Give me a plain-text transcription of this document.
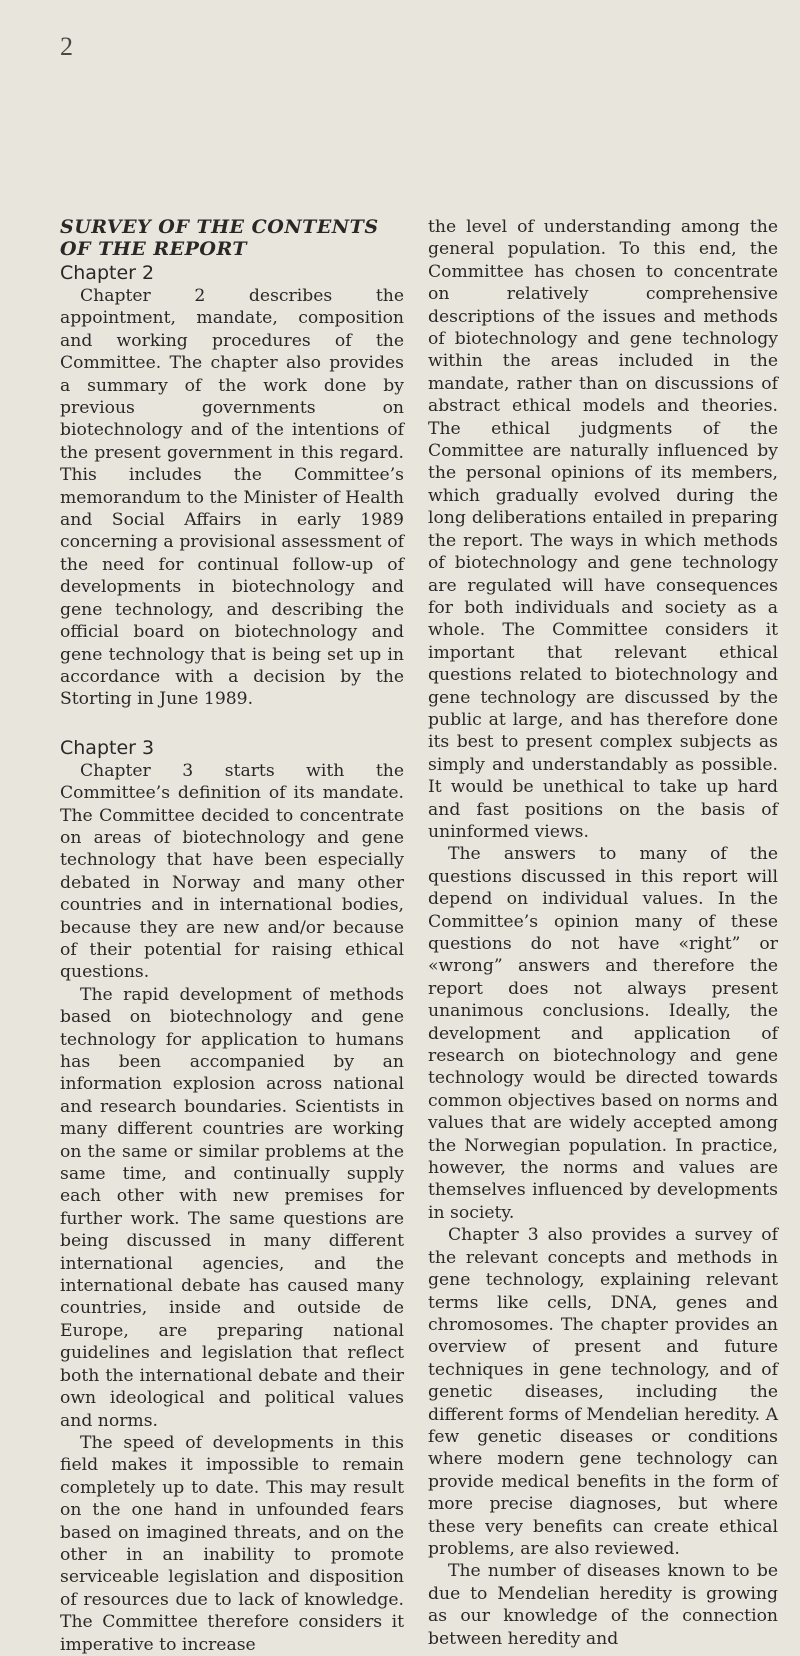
2
SURVEY OF THE CONTENTS OF THE REPORT
Chapter 2

Chapter 2 describes the appointment, mandate, composition and working procedures of the Committee. The chapter also provides a summary of the work done by previous governments on biotechnology and of the intentions of the present government in this regard. This includes the Committee’s memorandum to the Minister of Health and Social Affairs in early 1989 concerning a provisional assessment of the need for continual follow-up of developments in biotechnology and gene technology, and describing the official board on biotechnology and gene technology that is being set up in accordance with a decision by the Storting in June 1989.

Chapter 3

Chapter 3 starts with the Committee’s definition of its mandate. The Committee decided to concentrate on areas of biotechnology and gene technology that have been especially debated in Norway and many other countries and in international bodies, because they are new and/or because of their potential for raising ethical questions.

The rapid development of methods based on biotechnology and gene technology for application to humans has been accompanied by an information explosion across national and research boundaries. Scientists in many different countries are working on the same or similar problems at the same time, and continually supply each other with new premises for further work. The same questions are being discussed in many different international agencies, and the international debate has caused many countries, inside and outside de Europe, are preparing national guidelines and legislation that reflect both the international debate and their own ideological and political values and norms.

The speed of developments in this field makes it impossible to remain completely up to date. This may result on the one hand in unfounded fears based on imagined threats, and on the other in an inability to promote serviceable legislation and disposition of resources due to lack of knowledge. The Committee therefore considers it imperative to increase

the level of understanding among the general population. To this end, the Committee has chosen to concentrate on relatively comprehensive descriptions of the issues and methods of biotechnology and gene technology within the areas included in the mandate, rather than on discussions of abstract ethical models and theories. The ethical judgments of the Committee are naturally influenced by the personal opinions of its members, which gradually evolved during the long deliberations entailed in preparing the report. The ways in which methods of biotechnology and gene technology are regulated will have consequences for both individuals and society as a whole. The Committee considers it important that relevant ethical questions related to biotechnology and gene technology are discussed by the public at large, and has therefore done its best to present complex subjects as simply and understandably as possible. It would be unethical to take up hard and fast positions on the basis of uninformed views.

The answers to many of the questions discussed in this report will depend on individual values. In the Committee’s opinion many of these questions do not have «right” or «wrong” answers and therefore the report does not always present unanimous conclusions. Ideally, the development and application of research on biotechnology and gene technology would be directed towards common objectives based on norms and values that are widely accepted among the Norwegian population. In practice, however, the norms and values are themselves influenced by developments in society.

Chapter 3 also provides a survey of the relevant concepts and methods in gene technology, explaining relevant terms like cells, DNA, genes and chromosomes. The chapter provides an overview of present and future techniques in gene technology, and of genetic diseases, including the different forms of Mendelian heredity. A few genetic diseases or conditions where modern gene technology can provide medical benefits in the form of more precise diagnoses, but where these very benefits can create ethical problems, are also reviewed.

The number of diseases known to be due to Mendelian heredity is growing as our knowledge of the connection between heredity and
